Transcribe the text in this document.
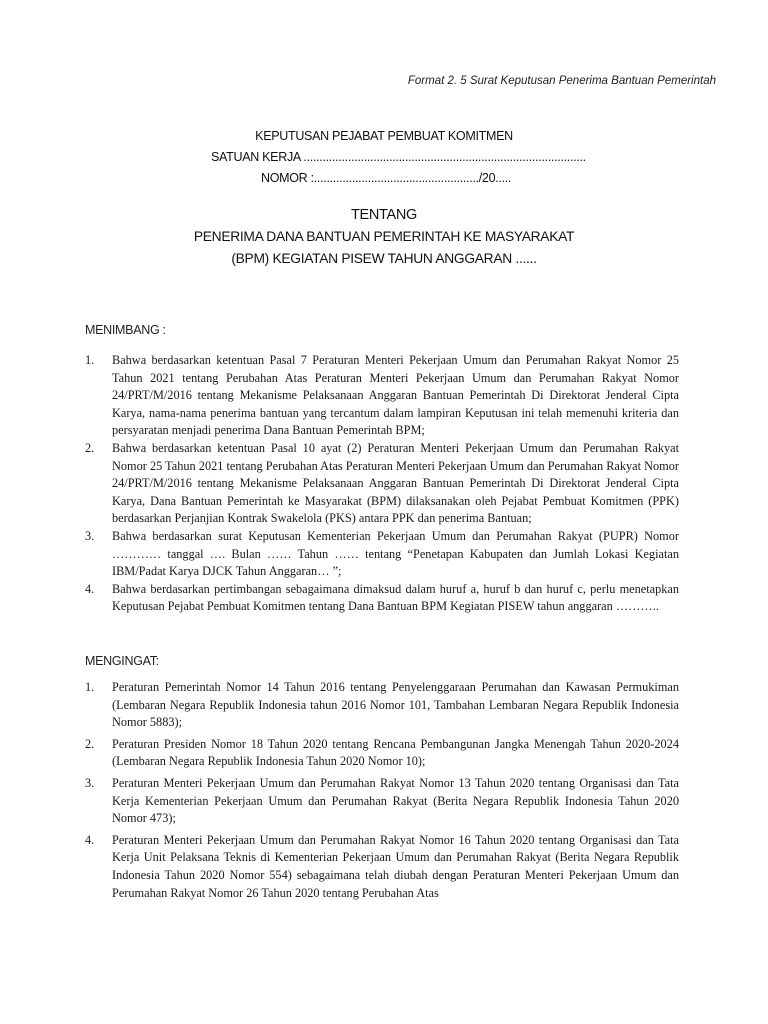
Format 2. 5 Surat Keputusan Penerima Bantuan Pemerintah
KEPUTUSAN PEJABAT PEMBUAT KOMITMEN
SATUAN KERJA .........................................................................................
NOMOR :..................................................../20.....
TENTANG
PENERIMA DANA BANTUAN PEMERINTAH KE MASYARAKAT
(BPM) KEGIATAN PISEW TAHUN ANGGARAN ......
MENIMBANG :
1. Bahwa berdasarkan ketentuan Pasal 7 Peraturan Menteri Pekerjaan Umum dan Perumahan Rakyat Nomor 25 Tahun 2021 tentang Perubahan Atas Peraturan Menteri Pekerjaan Umum dan Perumahan Rakyat Nomor 24/PRT/M/2016 tentang Mekanisme Pelaksanaan Anggaran Bantuan Pemerintah Di Direktorat Jenderal Cipta Karya, nama-nama penerima bantuan yang tercantum dalam lampiran Keputusan ini telah memenuhi kriteria dan persyaratan menjadi penerima Dana Bantuan Pemerintah BPM;
2. Bahwa berdasarkan ketentuan Pasal 10 ayat (2) Peraturan Menteri Pekerjaan Umum dan Perumahan Rakyat Nomor 25 Tahun 2021 tentang Perubahan Atas Peraturan Menteri Pekerjaan Umum dan Perumahan Rakyat Nomor 24/PRT/M/2016 tentang Mekanisme Pelaksanaan Anggaran Bantuan Pemerintah Di Direktorat Jenderal Cipta Karya, Dana Bantuan Pemerintah ke Masyarakat (BPM) dilaksanakan oleh Pejabat Pembuat Komitmen (PPK) berdasarkan Perjanjian Kontrak Swakelola (PKS) antara PPK dan penerima Bantuan;
3. Bahwa berdasarkan surat Keputusan Kementerian Pekerjaan Umum dan Perumahan Rakyat (PUPR) Nomor ………… tanggal …. Bulan …… Tahun …… tentang “Penetapan Kabupaten dan Jumlah Lokasi Kegiatan IBM/Padat Karya DJCK Tahun Anggaran… ”;
4. Bahwa berdasarkan pertimbangan sebagaimana dimaksud dalam huruf a, huruf b dan huruf c, perlu menetapkan Keputusan Pejabat Pembuat Komitmen tentang Dana Bantuan BPM Kegiatan PISEW tahun anggaran ………..
MENGINGAT:
1. Peraturan Pemerintah Nomor 14 Tahun 2016 tentang Penyelenggaraan Perumahan dan Kawasan Permukiman (Lembaran Negara Republik Indonesia tahun 2016 Nomor 101, Tambahan Lembaran Negara Republik Indonesia Nomor 5883);
2. Peraturan Presiden Nomor 18 Tahun 2020 tentang Rencana Pembangunan Jangka Menengah Tahun 2020-2024 (Lembaran Negara Republik Indonesia Tahun 2020 Nomor 10);
3. Peraturan Menteri Pekerjaan Umum dan Perumahan Rakyat Nomor 13 Tahun 2020 tentang Organisasi dan Tata Kerja Kementerian Pekerjaan Umum dan Perumahan Rakyat (Berita Negara Republik Indonesia Tahun 2020 Nomor 473);
4. Peraturan Menteri Pekerjaan Umum dan Perumahan Rakyat Nomor 16 Tahun 2020 tentang Organisasi dan Tata Kerja Unit Pelaksana Teknis di Kementerian Pekerjaan Umum dan Perumahan Rakyat (Berita Negara Republik Indonesia Tahun 2020 Nomor 554) sebagaimana telah diubah dengan Peraturan Menteri Pekerjaan Umum dan Perumahan Rakyat Nomor 26 Tahun 2020 tentang Perubahan Atas
